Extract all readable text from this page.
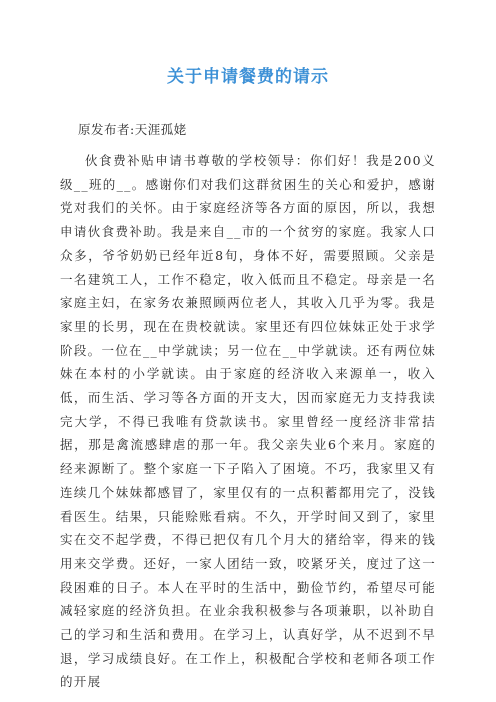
关于申请餐费的请示

原发布者:天涯孤姥

伙食费补贴申请书尊敬的学校领导：你们好！我是200义级__班的__。感谢你们对我们这群贫困生的关心和爱护，感谢党对我们的关怀。由于家庭经济等各方面的原因，所以，我想申请伙食费补助。我是来自__市的一个贫穷的家庭。我家人口众多，爷爷奶奶已经年近8旬，身体不好，需要照顾。父亲是一名建筑工人，工作不稳定，收入低而且不稳定。母亲是一名家庭主妇，在家务农兼照顾两位老人，其收入几乎为零。我是家里的长男，现在在贵校就读。家里还有四位妹妹正处于求学阶段。一位在__中学就读；另一位在__中学就读。还有两位妹妹在本村的小学就读。由于家庭的经济收入来源单一，收入低，而生活、学习等各方面的开支大，因而家庭无力支持我读完大学，不得已我唯有贷款读书。家里曾经一度经济非常拮据，那是禽流感肆虐的那一年。我父亲失业6个来月。家庭的经来源断了。整个家庭一下子陷入了困境。不巧，我家里又有连续几个妹妹都感冒了，家里仅有的一点积蓄都用完了，没钱看医生。结果，只能赊账看病。不久，开学时间又到了，家里实在交不起学费，不得已把仅有几个月大的猪给宰，得来的钱用来交学费。还好，一家人团结一致，咬紧牙关，度过了这一段困难的日子。本人在平时的生活中，勤俭节约，希望尽可能减轻家庭的经济负担。在业余我积极参与各项兼职，以补助自己的学习和生活和费用。在学习上，认真好学，从不迟到不早退，学习成绩良好。在工作上，积极配合学校和老师各项工作的开展
